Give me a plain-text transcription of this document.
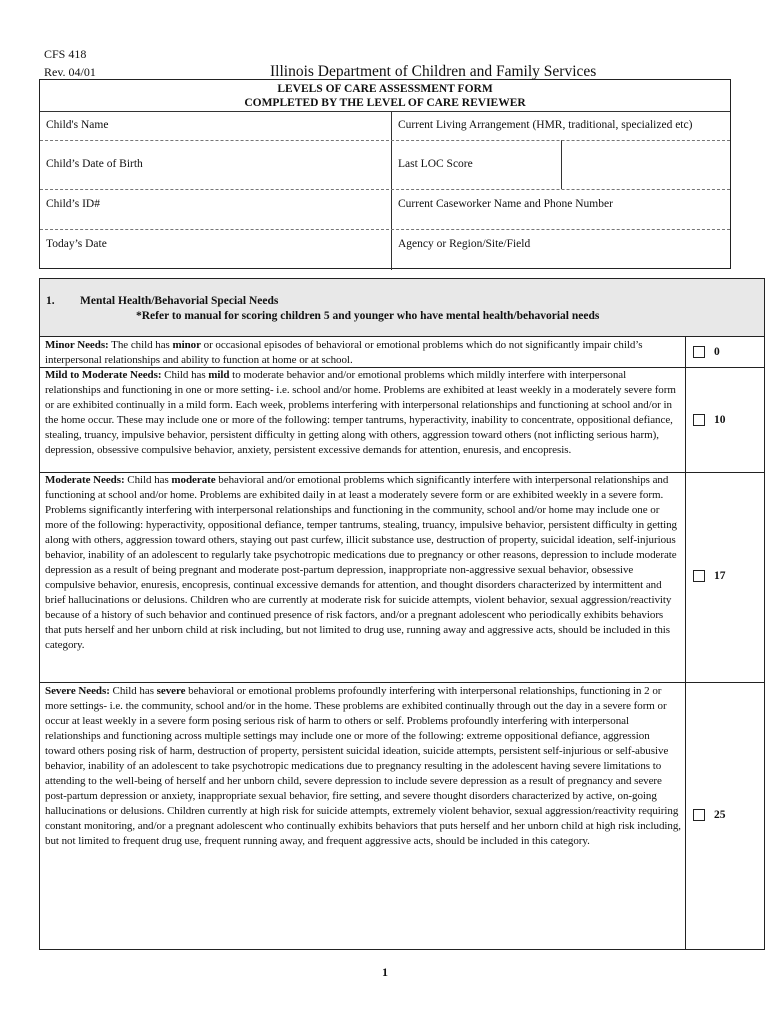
CFS 418
Rev. 04/01	Illinois Department of Children and Family Services
LEVELS OF CARE ASSESSMENT FORM
COMPLETED BY THE LEVEL OF CARE REVIEWER
Child's Name	Current Living Arrangement (HMR, traditional, specialized etc)
Child’s Date of Birth	Last LOC Score
Child’s ID#	Current Caseworker Name and Phone Number
Today’s Date	Agency or Region/Site/Field
1. Mental Health/Behavorial Special Needs
*Refer to manual for scoring children 5 and younger who have mental health/behavorial needs

Minor Needs: The child has minor or occasional episodes of behavioral or emotional problems which do not significantly impair child’s interpersonal relationships and ability to function at home or at school.

0

Mild to Moderate Needs: Child has mild to moderate behavior and/or emotional problems which mildly interfere with interpersonal relationships and functioning in one or more setting- i.e. school and/or home. Problems are exhibited at least weekly in a moderately severe form or are exhibited continually in a mild form. Each week, problems interfering with interpersonal relationships and functioning at school and/or in the home occur. These may include one or more of the following: temper tantrums, hyperactivity, inability to concentrate, oppositional defiance, stealing, truancy, impulsive behavior, persistent difficulty in getting along with others, aggression toward others (not inflicting serious harm), depression, obsessive compulsive behavior, anxiety, persistent excessive demands for attention, enuresis, and encopresis.

10

Moderate Needs: Child has moderate behavioral and/or emotional problems which significantly interfere with interpersonal relationships and functioning at school and/or home. Problems are exhibited daily in at least a moderately severe form or are exhibited weekly in a severe form. Problems significantly interfering with interpersonal relationships and functioning in the community, school and/or home may include one or more of the following: hyperactivity, oppositional defiance, temper tantrums, stealing, truancy, impulsive behavior, persistent difficulty in getting along with others, aggression toward others, staying out past curfew, illicit substance use, destruction of property, suicidal ideation, self-injurious behavior, inability of an adolescent to regularly take psychotropic medications due to pregnancy or other reasons, depression to include moderate depression as a result of being pregnant and moderate post-partum depression, inappropriate non-aggressive sexual behavior, obsessive compulsive behavior, enuresis, encopresis, continual excessive demands for attention, and thought disorders characterized by intermittent and brief hallucinations or delusions. Children who are currently at moderate risk for suicide attempts, violent behavior, sexual aggression/reactivity because of a history of such behavior and continued presence of risk factors, and/or a pregnant adolescent who periodically exhibits behaviors that puts herself and her unborn child at risk including, but not limited to drug use, running away and aggressive acts, should be included in this category.

17

Severe Needs: Child has severe behavioral or emotional problems profoundly interfering with interpersonal relationships, functioning in 2 or more settings- i.e. the community, school and/or in the home. These problems are exhibited continually through out the day in a severe form or occur at least weekly in a severe form posing serious risk of harm to others or self. Problems profoundly interfering with interpersonal relationships and functioning across multiple settings may include one or more of the following: extreme oppositional defiance, aggression toward others posing risk of harm, destruction of property, persistent suicidal ideation, suicide attempts, persistent self-injurious or self-abusive behavior, inability of an adolescent to take psychotropic medications due to pregnancy resulting in the adolescent having severe limitations to attending to the well-being of herself and her unborn child, severe depression to include severe depression as a result of pregnancy and severe post-partum depression or anxiety, inappropriate sexual behavior, fire setting, and severe thought disorders characterized by active, on-going hallucinations or delusions. Children currently at high risk for suicide attempts, extremely violent behavior, sexual aggression/reactivity requiring constant monitoring, and/or a pregnant adolescent who continually exhibits behaviors that puts herself and her unborn child at high risk including, but not limited to frequent drug use, frequent running away, and frequent aggressive acts, should be included in this category.

25
1
